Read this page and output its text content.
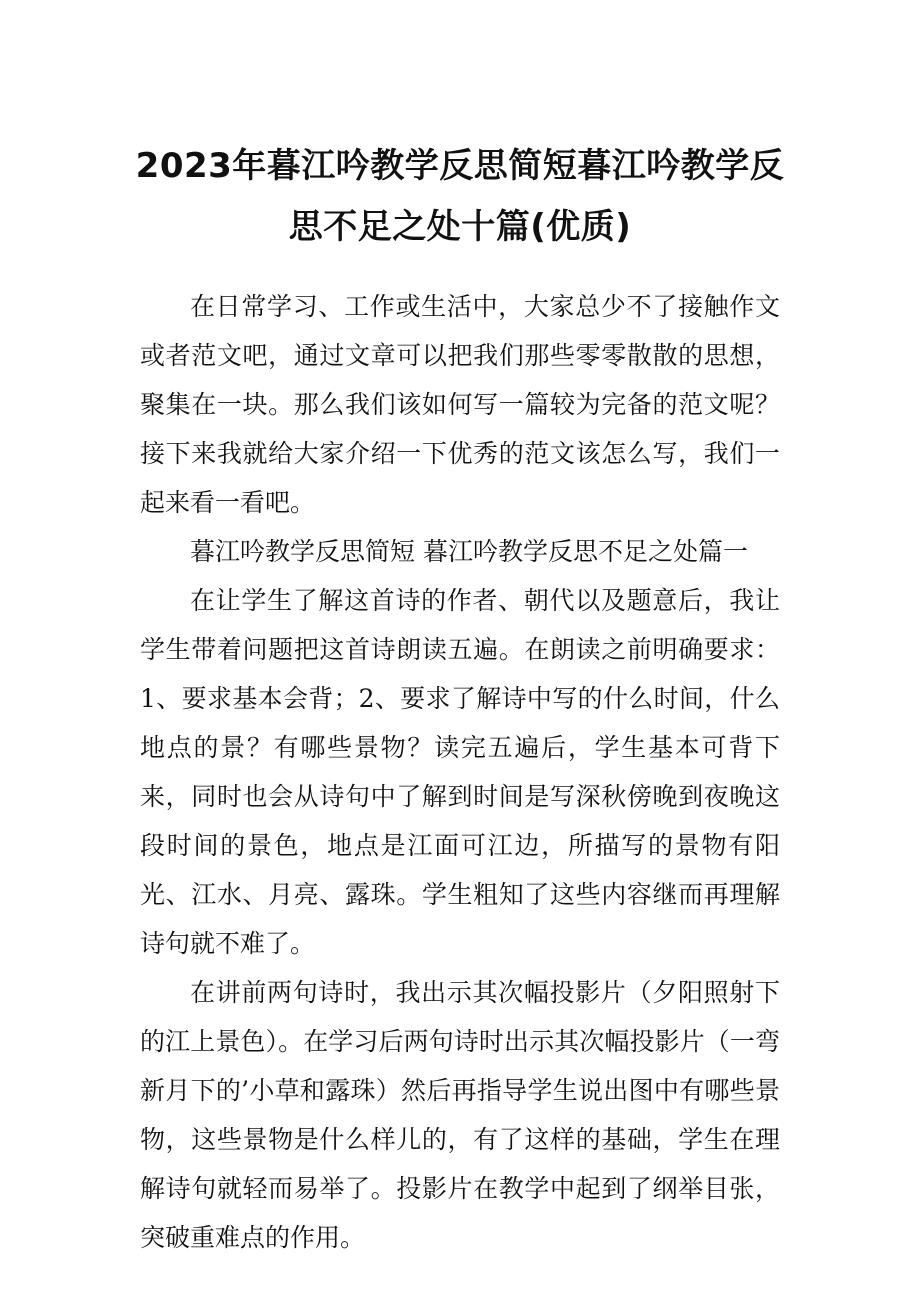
2023年暮江吟教学反思简短暮江吟教学反
思不足之处十篇(优质)

在日常学习、工作或生活中，大家总少不了接触作文或者范文吧，通过文章可以把我们那些零零散散的思想，聚集在一块。那么我们该如何写一篇较为完备的范文呢？接下来我就给大家介绍一下优秀的范文该怎么写，我们一起来看一看吧。

暮江吟教学反思简短 暮江吟教学反思不足之处篇一

在让学生了解这首诗的作者、朝代以及题意后，我让学生带着问题把这首诗朗读五遍。在朗读之前明确要求：1、要求基本会背；2、要求了解诗中写的什么时间，什么地点的景？有哪些景物？读完五遍后，学生基本可背下来，同时也会从诗句中了解到时间是写深秋傍晚到夜晚这段时间的景色，地点是江面可江边，所描写的景物有阳光、江水、月亮、露珠。学生粗知了这些内容继而再理解诗句就不难了。

在讲前两句诗时，我出示其次幅投影片（夕阳照射下的江上景色）。在学习后两句诗时出示其次幅投影片（一弯新月下的’小草和露珠）然后再指导学生说出图中有哪些景物，这些景物是什么样儿的，有了这样的基础，学生在理解诗句就轻而易举了。投影片在教学中起到了纲举目张，突破重难点的作用。
